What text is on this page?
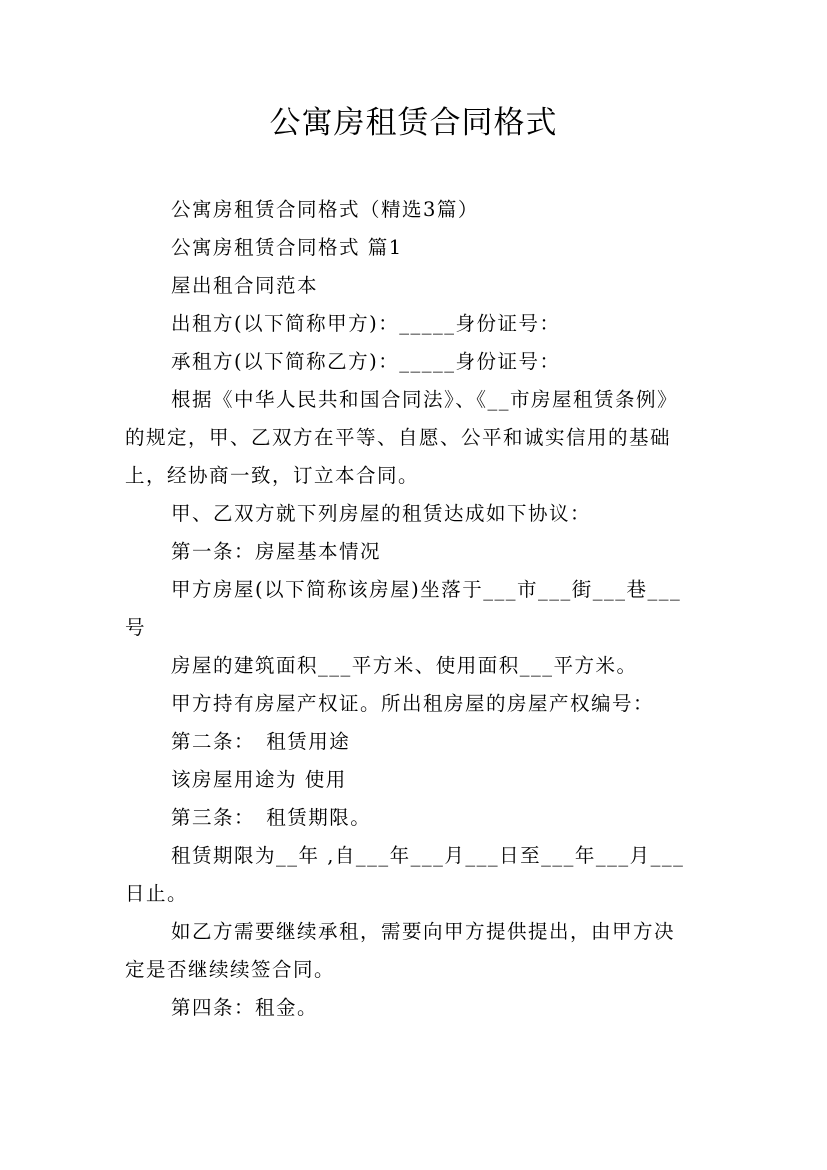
公寓房租赁合同格式

公寓房租赁合同格式（精选3篇）

公寓房租赁合同格式 篇1

屋出租合同范本

出租方(以下简称甲方)：_____身份证号：

承租方(以下简称乙方)：_____身份证号：

根据《中华人民共和国合同法》、《__市房屋租赁条例》
的规定，甲、乙双方在平等、自愿、公平和诚实信用的基础
上，经协商一致，订立本合同。

甲、乙双方就下列房屋的租赁达成如下协议：

第一条：房屋基本情况

甲方房屋(以下简称该房屋)坐落于___市___街___巷___
号

房屋的建筑面积___平方米、使用面积___平方米。

甲方持有房屋产权证。所出租房屋的房屋产权编号：

第二条：　租赁用途

该房屋用途为 使用

第三条：　租赁期限。

租赁期限为__年 ,自___年___月___日至___年___月___
日止。

如乙方需要继续承租，需要向甲方提供提出，由甲方决
定是否继续续签合同。

第四条：租金。
